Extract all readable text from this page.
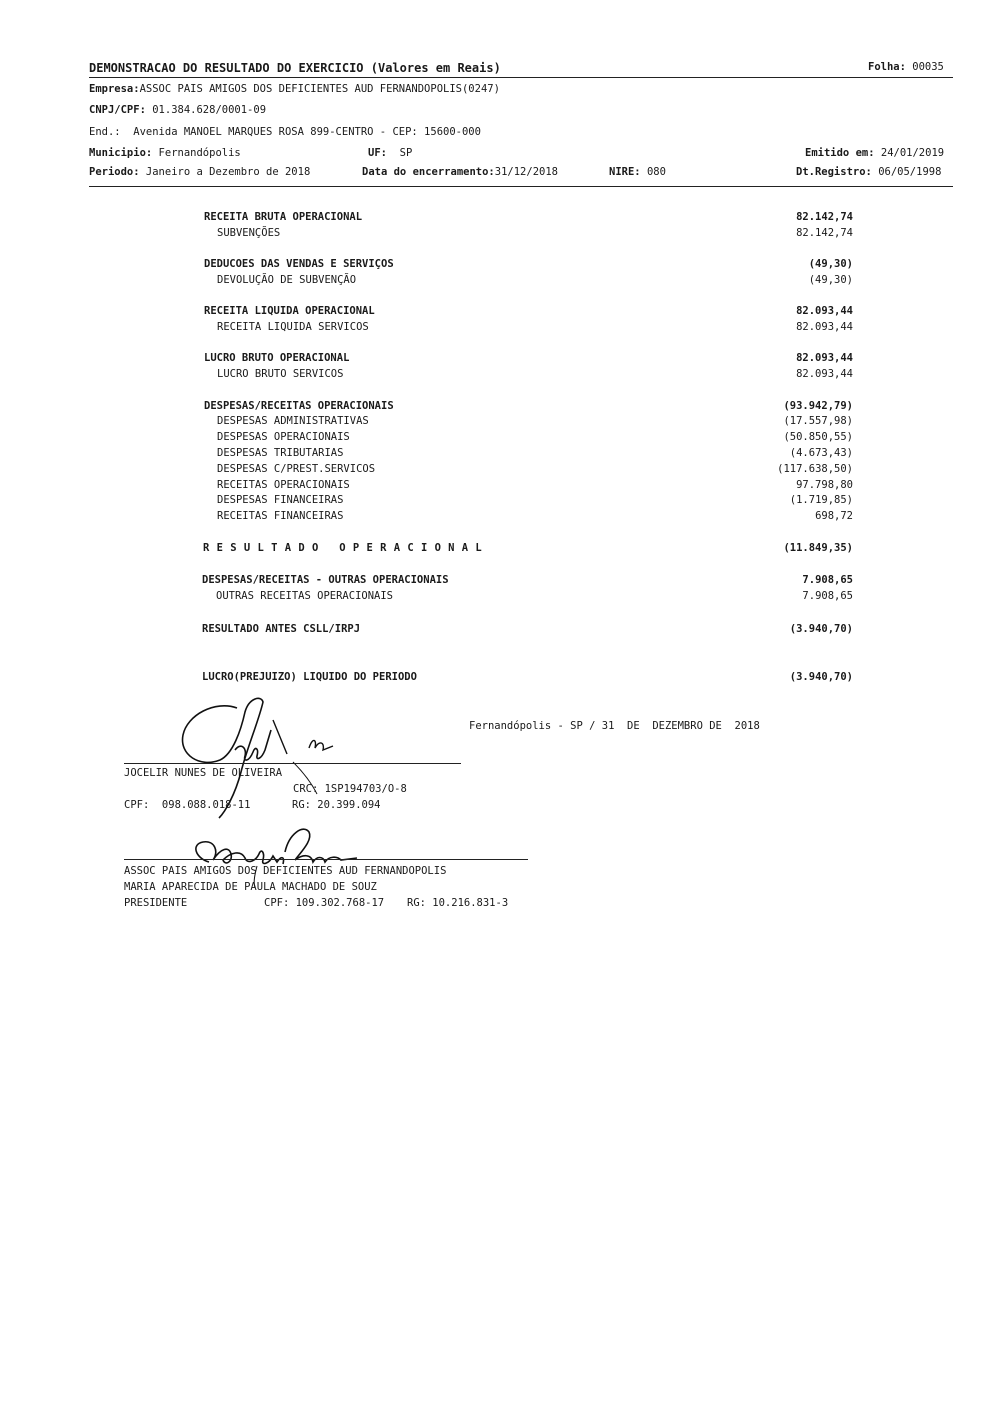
DEMONSTRACAO DO RESULTADO DO EXERCICIO (Valores em Reais)	Folha: 00035
Empresa:ASSOC PAIS AMIGOS DOS DEFICIENTES AUD FERNANDOPOLIS(0247)
CNPJ/CPF: 01.384.628/0001-09
End.: Avenida MANOEL MARQUES ROSA 899-CENTRO - CEP: 15600-000
Municipio: Fernandópolis	UF: SP	Emitido em: 24/01/2019
Periodo: Janeiro a Dezembro de 2018	Data do encerramento:31/12/2018	NIRE: 080	Dt.Registro: 06/05/1998
RECEITA BRUTA OPERACIONAL	82.142,74
SUBVENÇÕES	82.142,74
DEDUCOES DAS VENDAS E SERVIÇOS	(49,30)
DEVOLUÇÃO DE SUBVENÇÃO	(49,30)
RECEITA LIQUIDA OPERACIONAL	82.093,44
RECEITA LIQUIDA SERVICOS	82.093,44
LUCRO BRUTO OPERACIONAL	82.093,44
LUCRO BRUTO SERVICOS	82.093,44
DESPESAS/RECEITAS OPERACIONAIS	(93.942,79)
DESPESAS ADMINISTRATIVAS	(17.557,98)
DESPESAS OPERACIONAIS	(50.850,55)
DESPESAS TRIBUTARIAS	(4.673,43)
DESPESAS C/PREST.SERVICOS	(117.638,50)
RECEITAS OPERACIONAIS	97.798,80
DESPESAS FINANCEIRAS	(1.719,85)
RECEITAS FINANCEIRAS	698,72
RESULTADO OPERACIONAL	(11.849,35)
DESPESAS/RECEITAS - OUTRAS OPERACIONAIS	7.908,65
OUTRAS RECEITAS OPERACIONAIS	7.908,65
RESULTADO ANTES CSLL/IRPJ	(3.940,70)
LUCRO(PREJUIZO) LIQUIDO DO PERIODO	(3.940,70)
Fernandópolis - SP / 31  DE  DEZEMBRO DE  2018
JOCELIR NUNES DE OLIVEIRA
CRC: 1SP194703/O-8
CPF:  098.088.018-11	RG: 20.399.094
ASSOC PAIS AMIGOS DOS DEFICIENTES AUD FERNANDOPOLIS
MARIA APARECIDA DE PAULA MACHADO DE SOUZ
PRESIDENTE	CPF: 109.302.768-17 RG: 10.216.831-3
